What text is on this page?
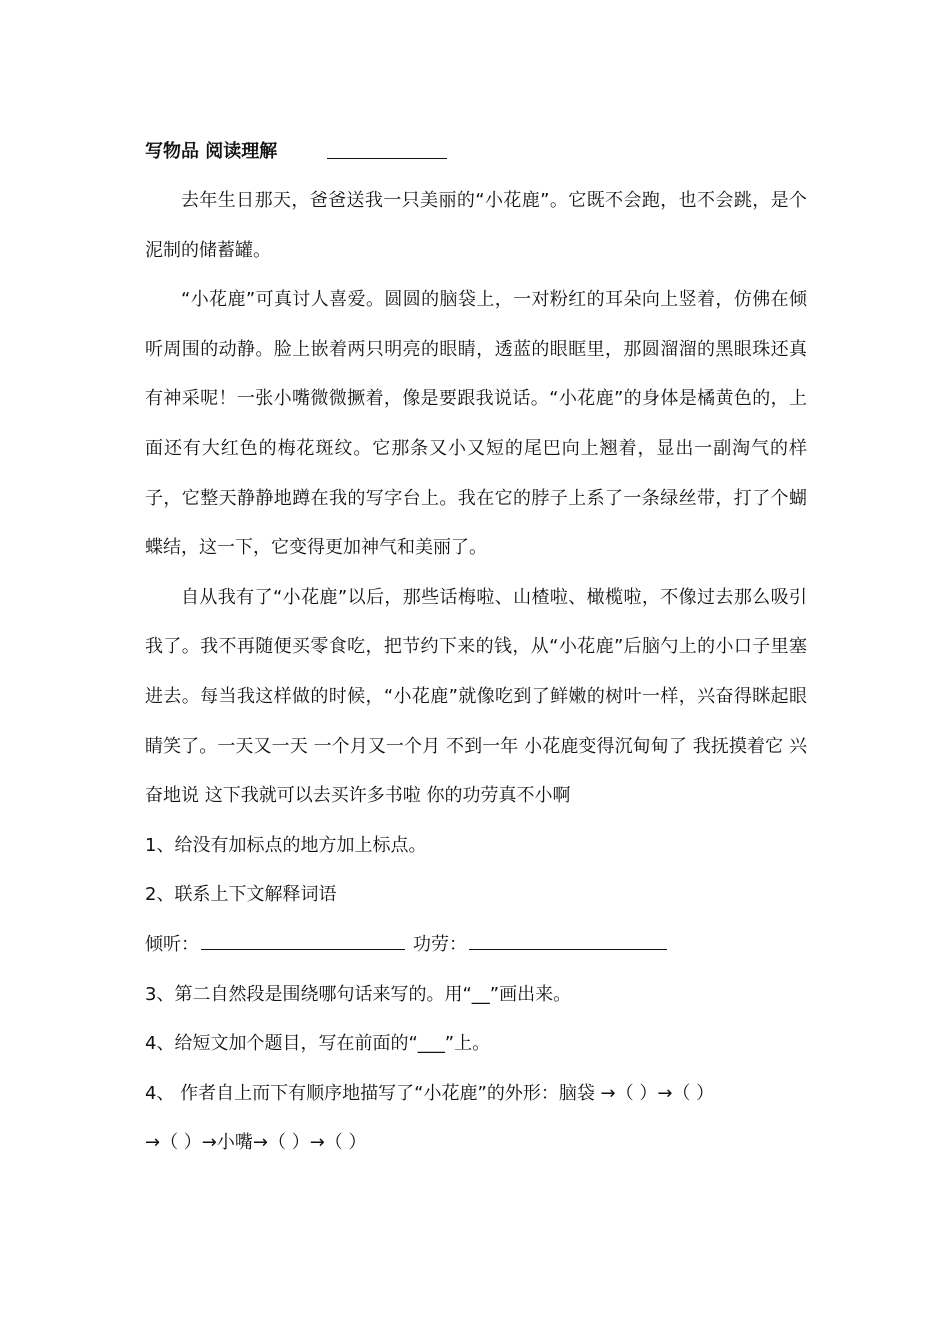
写物品 阅读理解

去年生日那天，爸爸送我一只美丽的“小花鹿”。它既不会跑，也不会跳，是个泥制的储蓄罐。

“小花鹿”可真讨人喜爱。圆圆的脑袋上，一对粉红的耳朵向上竖着，仿佛在倾听周围的动静。脸上嵌着两只明亮的眼睛，透蓝的眼眶里，那圆溜溜的黑眼珠还真有神采呢！一张小嘴微微撅着，像是要跟我说话。“小花鹿”的身体是橘黄色的，上面还有大红色的梅花斑纹。它那条又小又短的尾巴向上翘着，显出一副淘气的样子，它整天静静地蹲在我的写字台上。我在它的脖子上系了一条绿丝带，打了个蝴蝶结，这一下，它变得更加神气和美丽了。

自从我有了“小花鹿”以后，那些话梅啦、山楂啦、橄榄啦，不像过去那么吸引我了。我不再随便买零食吃，把节约下来的钱，从“小花鹿”后脑勺上的小口子里塞进去。每当我这样做的时候，“小花鹿”就像吃到了鲜嫩的树叶一样，兴奋得眯起眼睛笑了。一天又一天 一个月又一个月 不到一年 小花鹿变得沉甸甸了 我抚摸着它 兴奋地说 这下我就可以去买许多书啦 你的功劳真不小啊

1、给没有加标点的地方加上标点。

2、联系上下文解释词语

倾听：	功劳：

3、第二自然段是围绕哪句话来写的。用“__”画出来。

4、给短文加个题目，写在前面的“___”上。

4、 作者自上而下有顺序地描写了“小花鹿”的外形：脑袋 →（ ）→（ ）

→（ ）→小嘴→（ ）→（ ）
